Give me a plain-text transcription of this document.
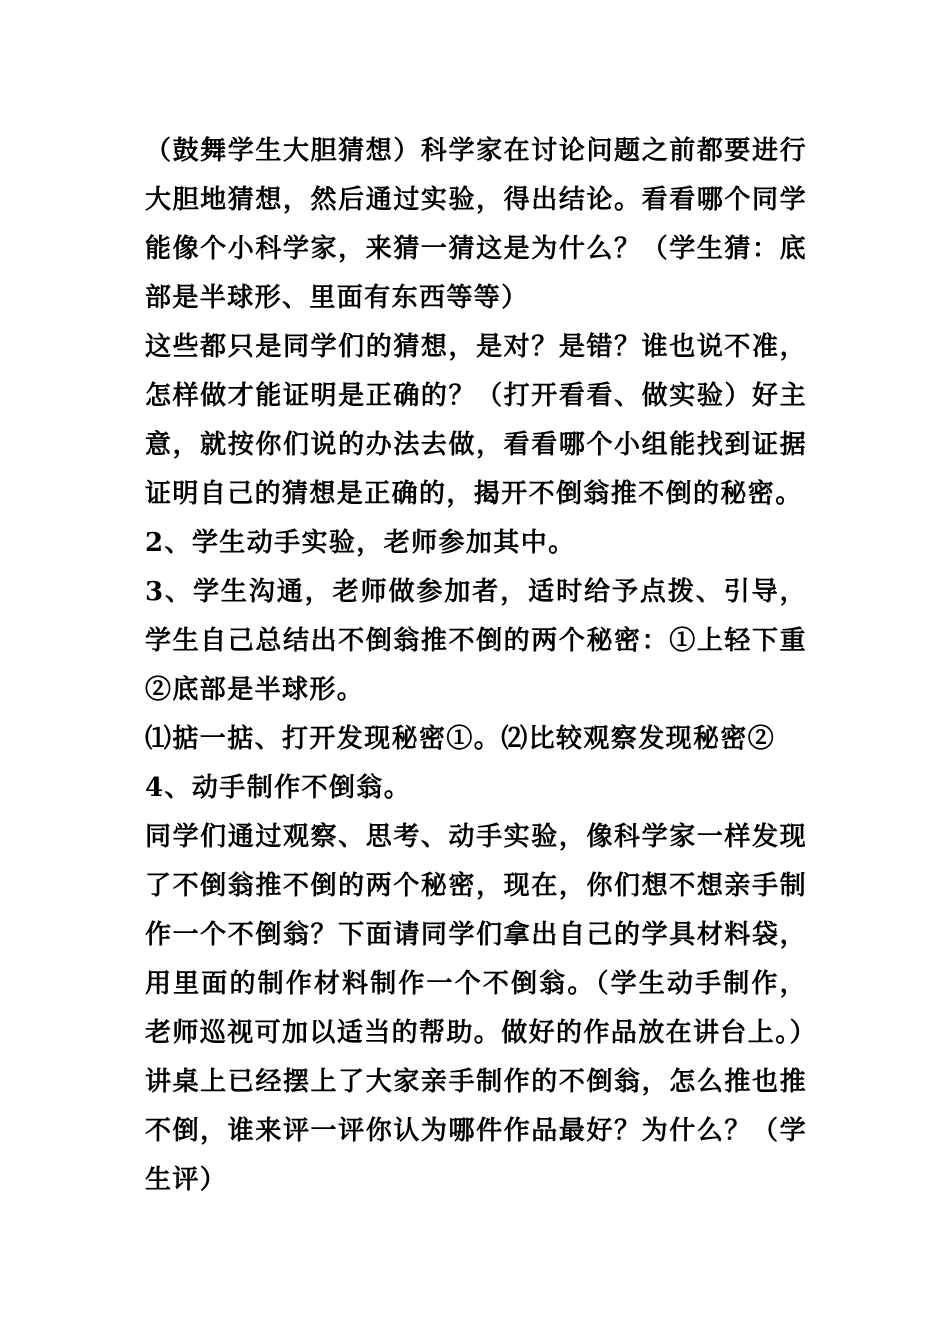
（鼓舞学生大胆猜想）科学家在讨论问题之前都要进行大胆地猜想，然后通过实验，得出结论。看看哪个同学能像个小科学家，来猜一猜这是为什么？（学生猜：底部是半球形、里面有东西等等）

这些都只是同学们的猜想，是对？是错？谁也说不准，怎样做才能证明是正确的？（打开看看、做实验）好主意，就按你们说的办法去做，看看哪个小组能找到证据证明自己的猜想是正确的，揭开不倒翁推不倒的秘密。

2、学生动手实验，老师参加其中。

3、学生沟通，老师做参加者，适时给予点拨、引导，学生自己总结出不倒翁推不倒的两个秘密：①上轻下重②底部是半球形。

⑴掂一掂、打开发现秘密①。⑵比较观察发现秘密②

4、动手制作不倒翁。

同学们通过观察、思考、动手实验，像科学家一样发现了不倒翁推不倒的两个秘密，现在，你们想不想亲手制作一个不倒翁？下面请同学们拿出自己的学具材料袋，用里面的制作材料制作一个不倒翁。（学生动手制作，老师巡视可加以适当的帮助。做好的作品放在讲台上。）

讲桌上已经摆上了大家亲手制作的不倒翁，怎么推也推不倒，谁来评一评你认为哪件作品最好？为什么？（学生评）
